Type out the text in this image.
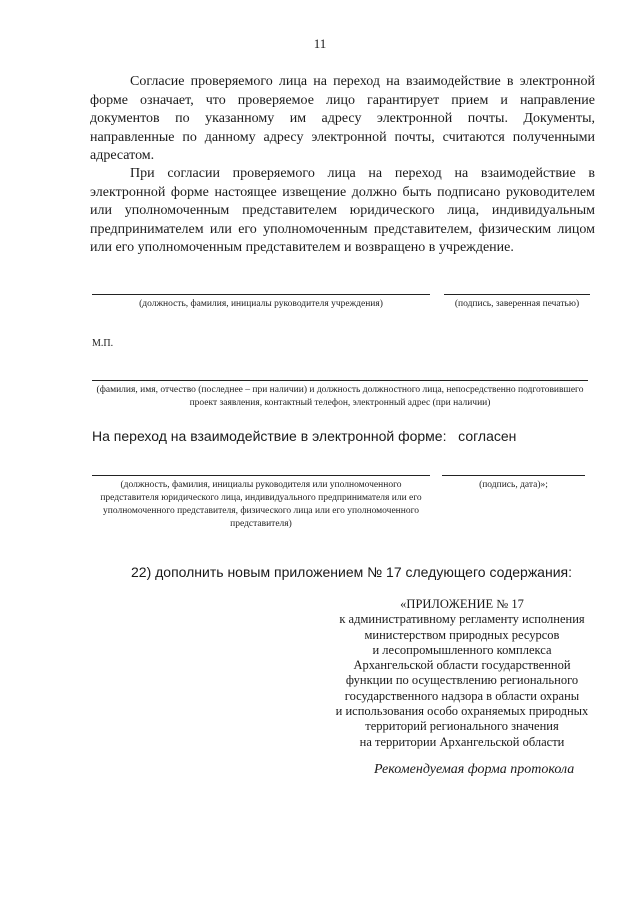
11
Согласие проверяемого лица на переход на взаимодействие в электронной форме означает, что проверяемое лицо гарантирует прием и направление документов по указанному им адресу электронной почты. Документы, направленные по данному адресу электронной почты, считаются полученными адресатом.
При согласии проверяемого лица на переход на взаимодействие в электронной форме настоящее извещение должно быть подписано руководителем или уполномоченным представителем юридического лица, индивидуальным предпринимателем или его уполномоченным представителем, физическим лицом или его уполномоченным представителем и возвращено в учреждение.
(должность, фамилия, инициалы руководителя учреждения)	(подпись, заверенная печатью)
М.П.
(фамилия, имя, отчество (последнее – при наличии) и должность должностного лица, непосредственно подготовившего проект заявления, контактный телефон, электронный адрес (при наличии)
На переход на взаимодействие в электронной форме: согласен
(должность, фамилия, инициалы руководителя или уполномоченного представителя юридического лица, индивидуального предпринимателя или его уполномоченного представителя, физического лица или его уполномоченного представителя)
(подпись, дата)»;
22) дополнить новым приложением № 17 следующего содержания:
«ПРИЛОЖЕНИЕ № 17
к административному регламенту исполнения
министерством природных ресурсов
и лесопромышленного комплекса
Архангельской области государственной
функции по осуществлению регионального
государственного надзора в области охраны
и использования особо охраняемых природных
территорий регионального значения
на территории Архангельской области
Рекомендуемая форма протокола
